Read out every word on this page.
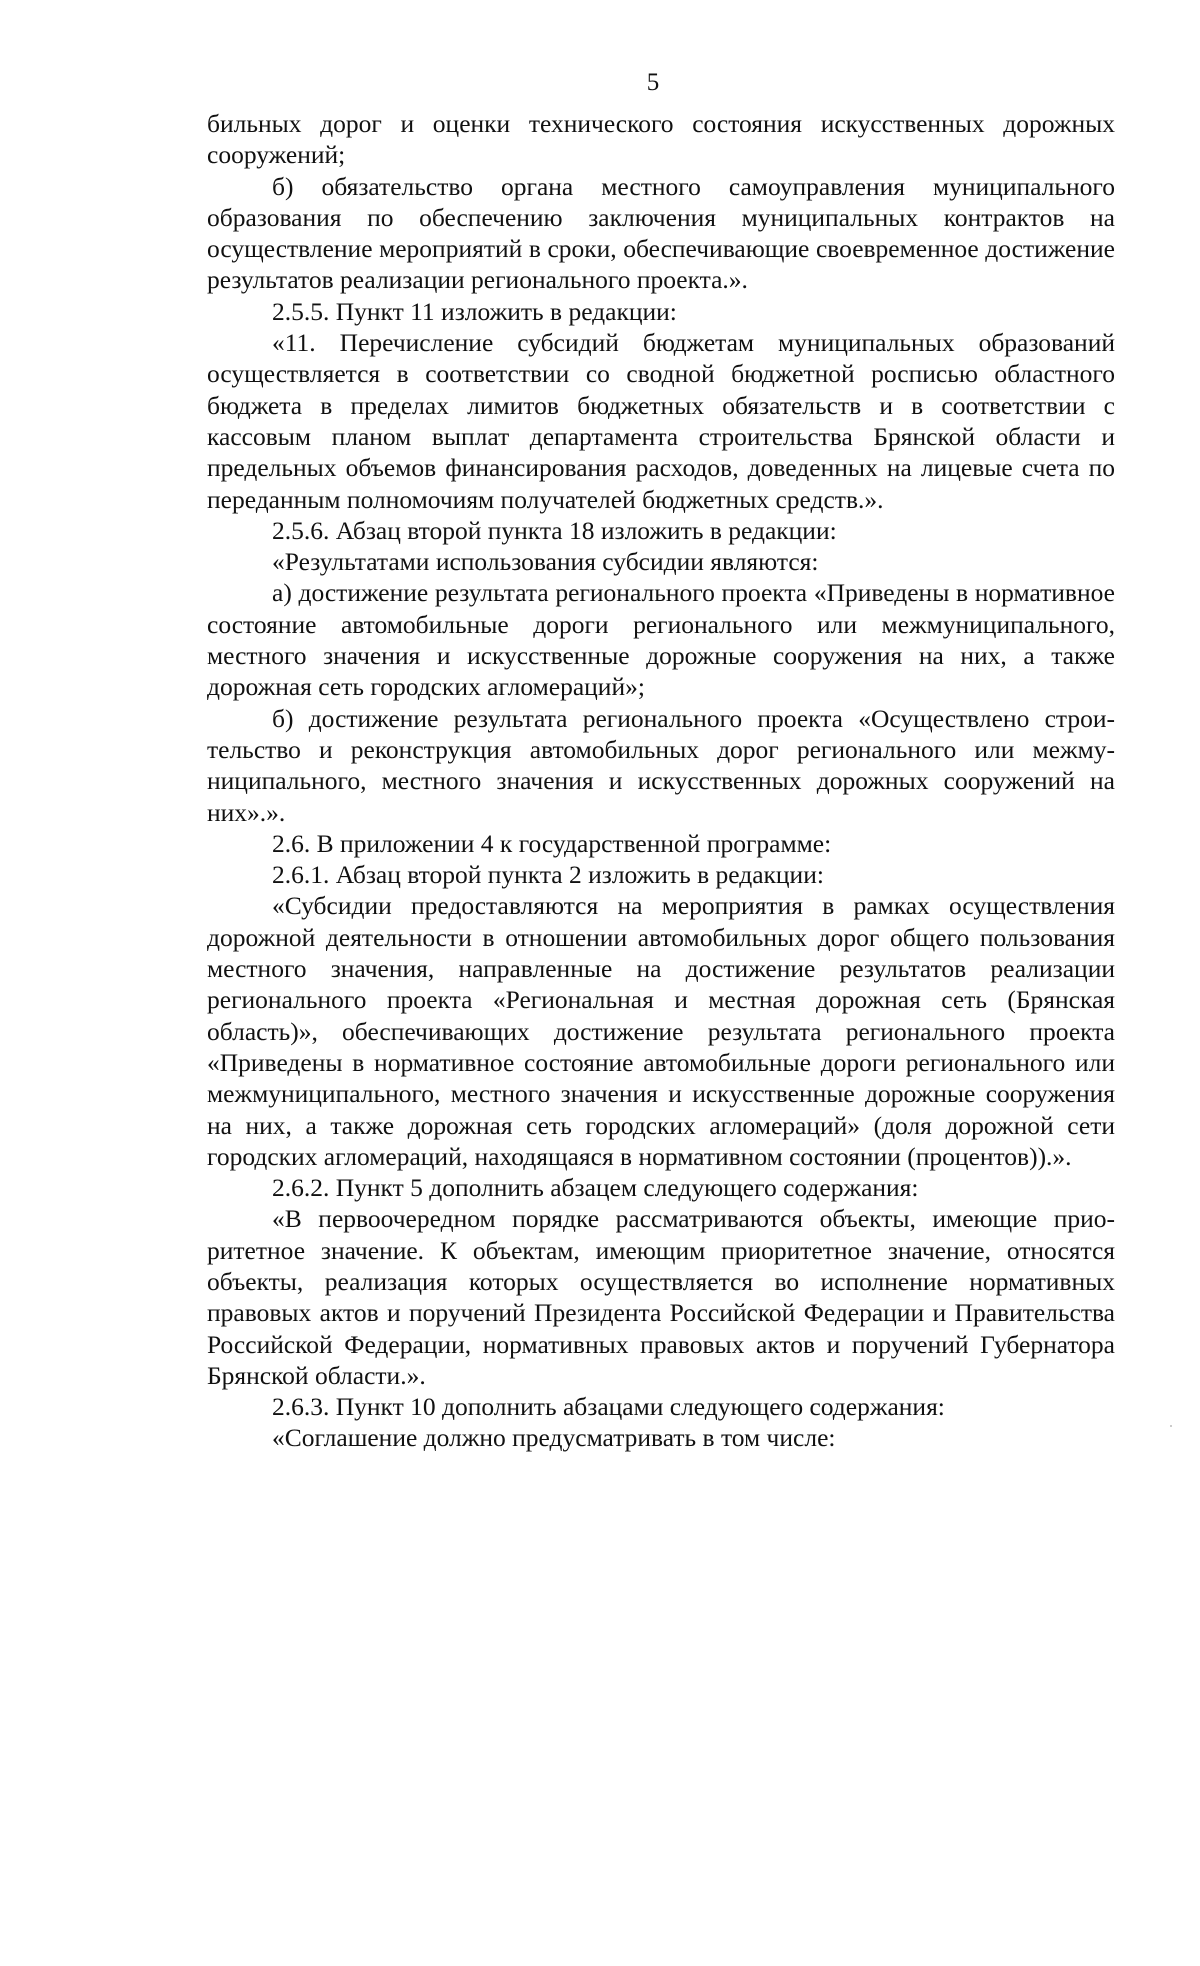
5

бильных дорог и оценки технического состояния искусственных дорожных сооружений;

б) обязательство органа местного самоуправления муниципального образования по обеспечению заключения муниципальных контрактов на осуществление мероприятий в сроки, обеспечивающие своевременное достижение результатов реализации регионального проекта.».

2.5.5. Пункт 11 изложить в редакции:

«11. Перечисление субсидий бюджетам муниципальных образований осуществляется в соответствии со сводной бюджетной росписью областного бюджета в пределах лимитов бюджетных обязательств и в соответствии с кассовым планом выплат департамента строительства Брянской области и предельных объемов финансирования расходов, доведенных на лицевые счета по переданным полномочиям получателей бюджетных средств.».

2.5.6. Абзац второй пункта 18 изложить в редакции:

«Результатами использования субсидии являются:

а) достижение результата регионального проекта «Приведены в нормативное состояние автомобильные дороги регионального или межмуниципального, местного значения и искусственные дорожные сооружения на них, а также дорожная сеть городских агломераций»;

б) достижение результата регионального проекта «Осуществлено строительство и реконструкция автомобильных дорог регионального или межмуниципального, местного значения и искусственных дорожных сооружений на них».».

2.6. В приложении 4 к государственной программе:

2.6.1. Абзац второй пункта 2 изложить в редакции:

«Субсидии предоставляются на мероприятия в рамках осуществления дорожной деятельности в отношении автомобильных дорог общего пользования местного значения, направленные на достижение результатов реализации регионального проекта «Региональная и местная дорожная сеть (Брянская область)», обеспечивающих достижение результата регионального проекта «Приведены в нормативное состояние автомобильные дороги регионального или межмуниципального, местного значения и искусственные дорожные сооружения на них, а также дорожная сеть городских агломераций» (доля дорожной сети городских агломераций, находящаяся в нормативном состоянии (процентов)).».

2.6.2. Пункт 5 дополнить абзацем следующего содержания:

«В первоочередном порядке рассматриваются объекты, имеющие приоритетное значение. К объектам, имеющим приоритетное значение, относятся объекты, реализация которых осуществляется во исполнение нормативных правовых актов и поручений Президента Российской Федерации и Правительства Российской Федерации, нормативных правовых актов и поручений Губернатора Брянской области.».

2.6.3. Пункт 10 дополнить абзацами следующего содержания:

«Соглашение должно предусматривать в том числе:
